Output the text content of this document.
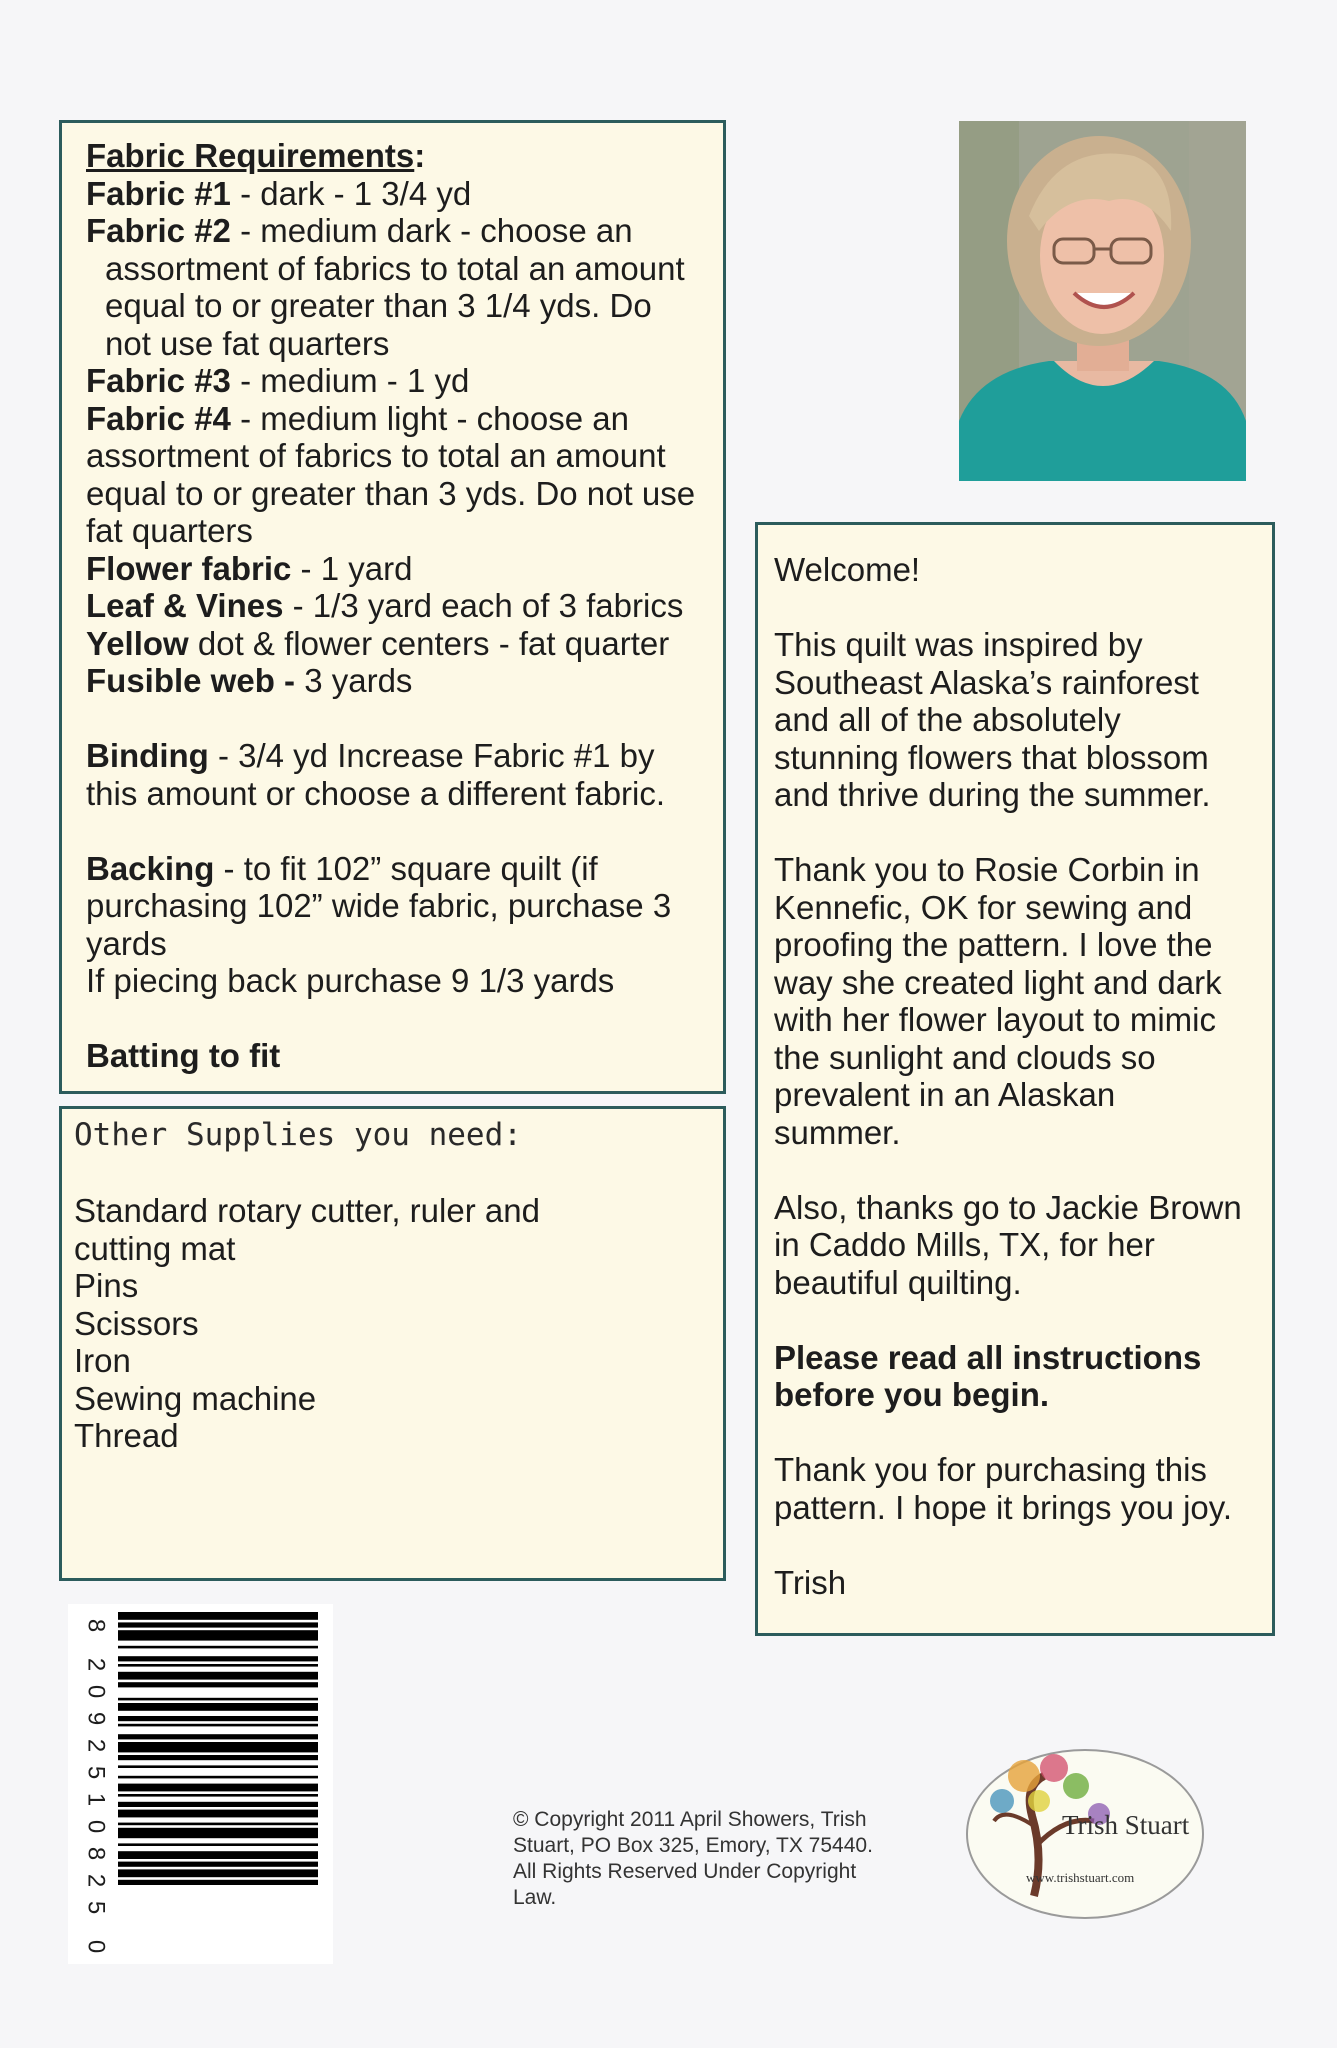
Fabric Requirements:
Fabric #1 - dark - 1 3/4 yd
Fabric #2 - medium dark - choose an
assortment of fabrics to total an amount
equal to or greater than 3 1/4 yds. Do
not use fat quarters
Fabric #3 - medium - 1 yd
Fabric #4 - medium light - choose an
assortment of fabrics to total an amount
equal to or greater than 3 yds. Do not use
fat quarters
Flower fabric - 1 yard
Leaf & Vines - 1/3 yard each of 3 fabrics
Yellow dot & flower centers - fat quarter
Fusible web - 3 yards
Binding - 3/4 yd Increase Fabric #1 by
this amount or choose a different fabric.
Backing - to fit 102” square quilt (if
purchasing 102” wide fabric, purchase 3
yards
If piecing back purchase 9 1/3 yards
Batting to fit
Other Supplies you need:
Standard rotary cutter, ruler and
cutting mat
Pins
Scissors
Iron
Sewing machine
Thread
Welcome!
This quilt was inspired by
Southeast Alaska’s rainforest
and all of the absolutely
stunning flowers that blossom
and thrive during the summer.
Thank you to Rosie Corbin in
Kennefic, OK for sewing and
proofing the pattern. I love the
way she created light and dark
with her flower layout to mimic
the sunlight and clouds so
prevalent in an Alaskan
summer.
Also, thanks go to Jackie Brown
in Caddo Mills, TX, for her
beautiful quilting.
Please read all instructions
before you begin.
Thank you for purchasing this
pattern. I hope it brings you joy.
Trish
8
2
0
9
2
5
1
0
8
2
5
0
© Copyright 2011 April Showers, Trish
Stuart, PO Box 325, Emory, TX 75440.
All Rights Reserved Under Copyright
Law.
Trish Stuart
www.trishstuart.com
